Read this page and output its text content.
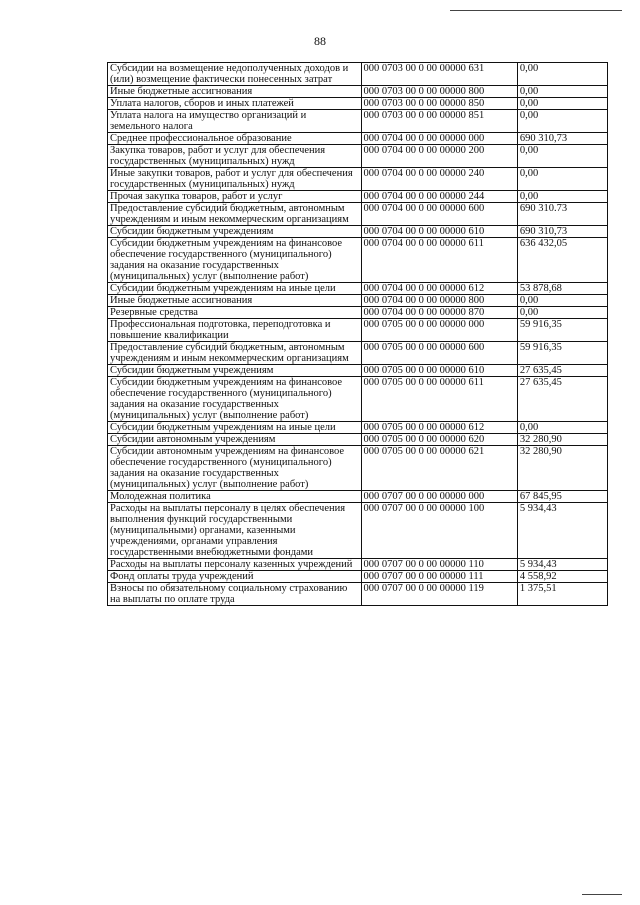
88
Субсидии на возмещение недополученных доходов и (или) возмещение фактически понесенных затрат	000 0703 00 0 00 00000 631	0,00
Иные бюджетные ассигнования	000 0703 00 0 00 00000 800	0,00
Уплата налогов, сборов и иных платежей	000 0703 00 0 00 00000 850	0,00
Уплата налога на имущество организаций и земельного налога	000 0703 00 0 00 00000 851	0,00
Среднее профессиональное образование	000 0704 00 0 00 00000 000	690 310,73
Закупка товаров, работ и услуг для обеспечения государственных (муниципальных) нужд	000 0704 00 0 00 00000 200	0,00
Иные закупки товаров, работ и услуг для обеспечения государственных (муниципальных) нужд	000 0704 00 0 00 00000 240	0,00
Прочая закупка товаров, работ и услуг	000 0704 00 0 00 00000 244	0,00
Предоставление субсидий бюджетным, автономным учреждениям и иным некоммерческим организациям	000 0704 00 0 00 00000 600	690 310.73
Субсидии бюджетным учреждениям	000 0704 00 0 00 00000 610	690 310,73
Субсидии бюджетным учреждениям на финансовое обеспечение государственного (муниципального) задания на оказание государственных (муниципальных) услуг (выполнение работ)	000 0704 00 0 00 00000 611	636 432,05
Субсидии бюджетным учреждениям на иные цели	000 0704 00 0 00 00000 612	53 878,68
Иные бюджетные ассигнования	000 0704 00 0 00 00000 800	0,00
Резервные средства	000 0704 00 0 00 00000 870	0,00
Профессиональная подготовка, переподготовка и повышение квалификации	000 0705 00 0 00 00000 000	59 916,35
Предоставление субсидий бюджетным, автономным учреждениям и иным некоммерческим организациям	000 0705 00 0 00 00000 600	59 916,35
Субсидии бюджетным учреждениям	000 0705 00 0 00 00000 610	27 635,45
Субсидии бюджетным учреждениям на финансовое обеспечение государственного (муниципального) задания на оказание государственных (муниципальных) услуг (выполнение работ)	000 0705 00 0 00 00000 611	27 635,45
Субсидии бюджетным учреждениям на иные цели	000 0705 00 0 00 00000 612	0,00
Субсидии автономным учреждениям	000 0705 00 0 00 00000 620	32 280,90
Субсидии автономным учреждениям на финансовое обеспечение государственного (муниципального) задания на оказание государственных (муниципальных) услуг (выполнение работ)	000 0705 00 0 00 00000 621	32 280,90
Молодежная политика	000 0707 00 0 00 00000 000	67 845,95
Расходы на выплаты персоналу в целях обеспечения выполнения функций государственными (муниципальными) органами, казенными учреждениями, органами управления государственными внебюджетными фондами	000 0707 00 0 00 00000 100	5 934,43
Расходы на выплаты персоналу казенных учреждений	000 0707 00 0 00 00000 110	5 934,43
Фонд оплаты труда учреждений	000 0707 00 0 00 00000 111	4 558,92
Взносы по обязательному социальному страхованию на выплаты по оплате труда	000 0707 00 0 00 00000 119	1 375,51
